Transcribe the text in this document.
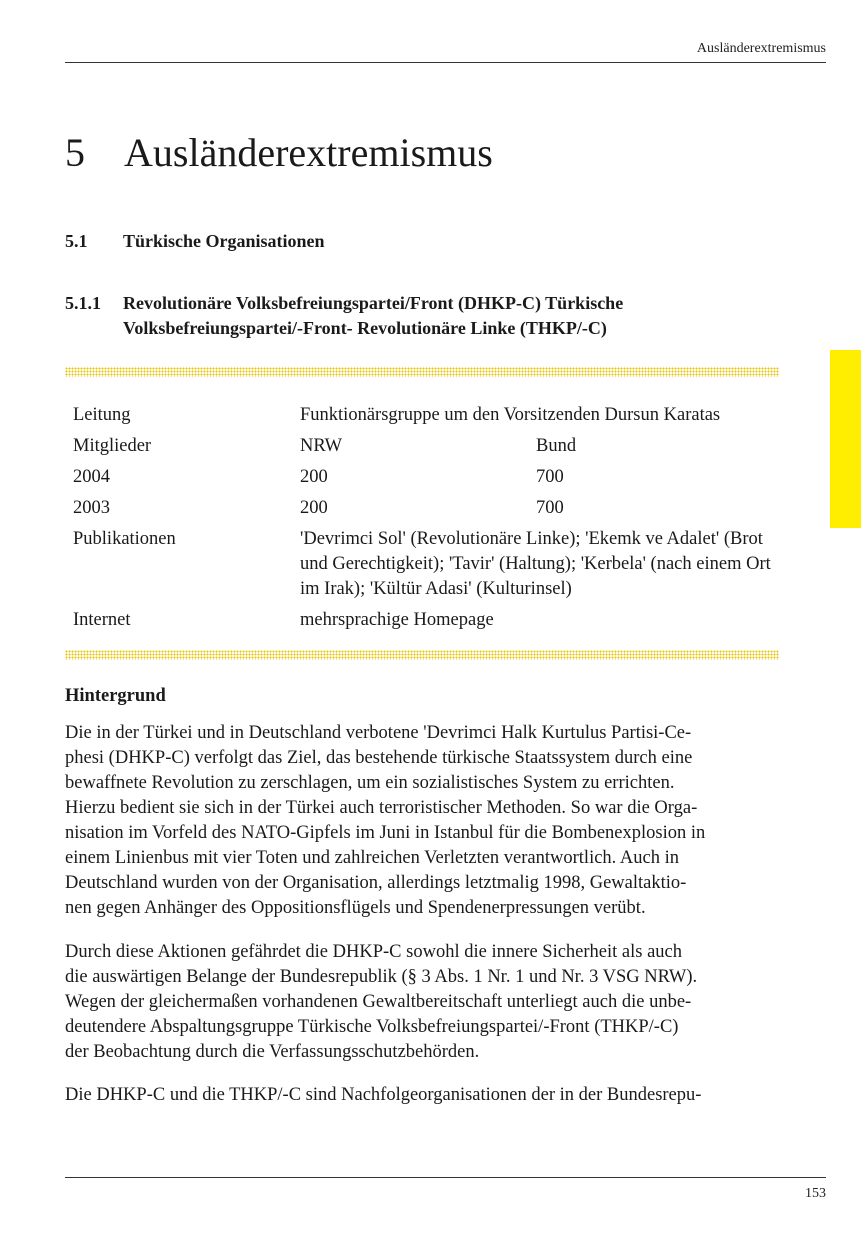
Ausländerextremismus
5 Ausländerextremismus
5.1 Türkische Organisationen
5.1.1 Revolutionäre Volksbefreiungspartei/Front (DHKP-C) Türkische Volksbefreiungspartei/-Front- Revolutionäre Linke (THKP/-C)
Leitung	Funktionärsgruppe um den Vorsitzenden Dursun Karatas
Mitglieder	NRW	Bund
2004	200	700
2003	200	700
Publikationen	'Devrimci Sol' (Revolutionäre Linke); 'Ekemk ve Adalet' (Brot und Gerechtigkeit); 'Tavir' (Haltung); 'Kerbela' (nach einem Ort im Irak); 'Kültür Adasi' (Kulturinsel)
Internet	mehrsprachige Homepage
Hintergrund
Die in der Türkei und in Deutschland verbotene 'Devrimci Halk Kurtulus Partisi-Ce-
phesi (DHKP-C) verfolgt das Ziel, das bestehende türkische Staatssystem durch eine
bewaffnete Revolution zu zerschlagen, um ein sozialistisches System zu errichten.
Hierzu bedient sie sich in der Türkei auch terroristischer Methoden. So war die Orga-
nisation im Vorfeld des NATO-Gipfels im Juni in Istanbul für die Bombenexplosion in
einem Linienbus mit vier Toten und zahlreichen Verletzten verantwortlich. Auch in
Deutschland wurden von der Organisation, allerdings letztmalig 1998, Gewaltaktio-
nen gegen Anhänger des Oppositionsflügels und Spendenerpressungen verübt.
Durch diese Aktionen gefährdet die DHKP-C sowohl die innere Sicherheit als auch
die auswärtigen Belange der Bundesrepublik (§ 3 Abs. 1 Nr. 1 und Nr. 3 VSG NRW).
Wegen der gleichermaßen vorhandenen Gewaltbereitschaft unterliegt auch die unbe-
deutendere Abspaltungsgruppe Türkische Volksbefreiungspartei/-Front (THKP/-C)
der Beobachtung durch die Verfassungsschutzbehörden.
Die DHKP-C und die THKP/-C sind Nachfolgeorganisationen der in der Bundesrepu-
153
